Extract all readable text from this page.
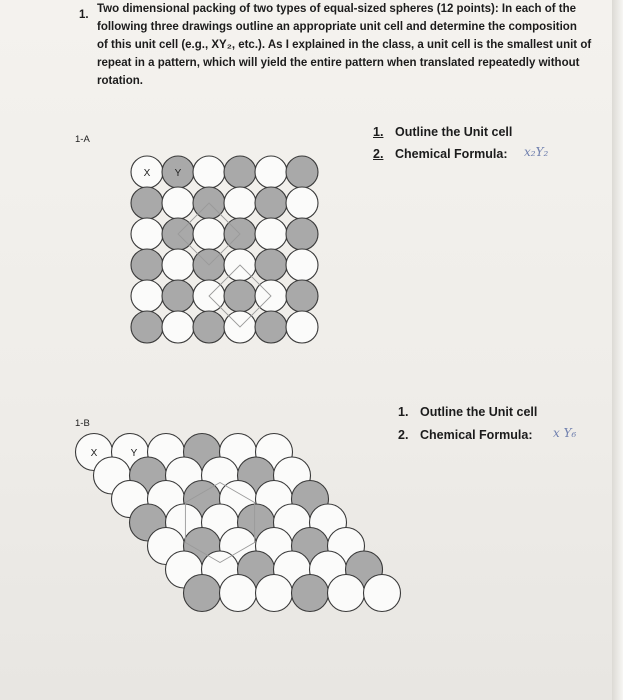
1. Two dimensional packing of two types of equal-sized spheres (12 points): In each of the
following three drawings outline an appropriate unit cell and determine the composition
of this unit cell (e.g., XY₂, etc.). As I explained in the class, a unit cell is the smallest unit of
repeat in a pattern, which will yield the entire pattern when translated repeatedly without
rotation.
1-A
1. Outline the Unit cell
2. Chemical Formula: x₂Y₂
1-B
1. Outline the Unit cell
2. Chemical Formula: x Y₆
X Y
X	Y
